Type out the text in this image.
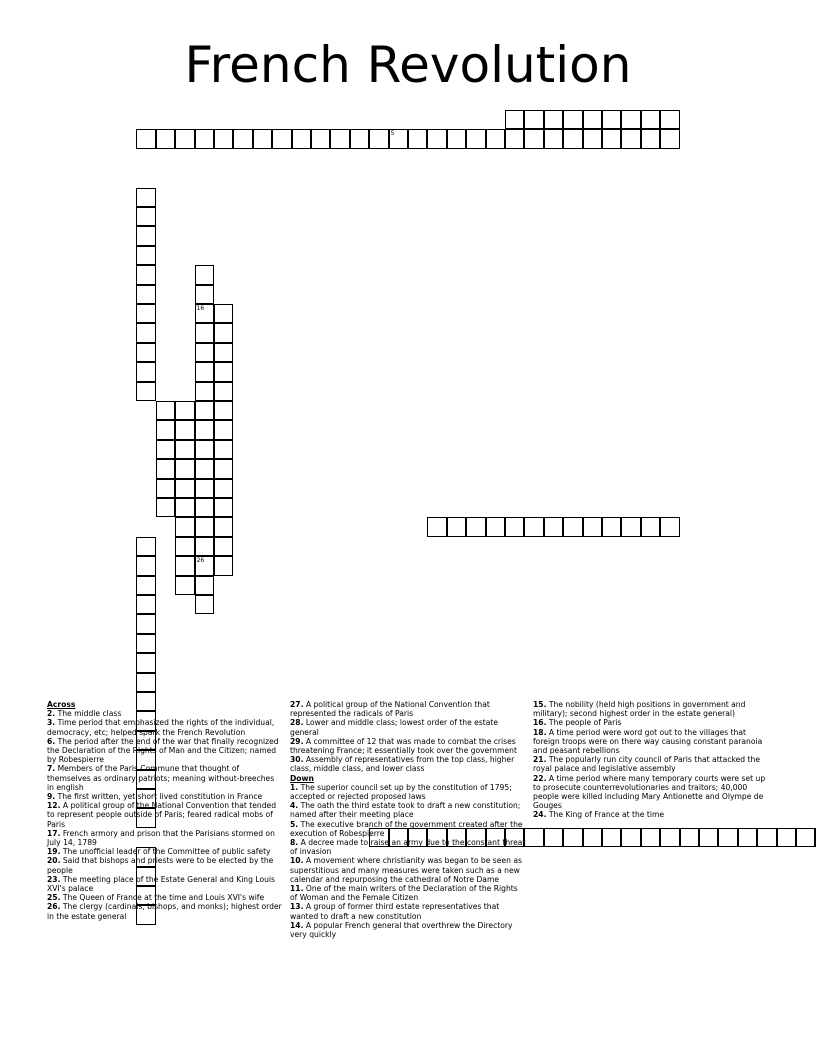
French Revolution
5
16
26
Across

2. The middle class

3. Time period that emphasized the rights of the individual, democracy, etc; helped spark the French Revolution

6. The period after the end of the war that finally recognized the Declaration of the Rights of Man and the Citizen; named by Robespierre

7. Members of the Paris Commune that thought of themselves as ordinary patriots; meaning without-breeches in english

9. The first written, yet short lived constitution in France

12. A political group of the National Convention that tended to represent people outside of Paris; feared radical mobs of Paris

17. French armory and prison that the Parisians stormed on July 14, 1789

19. The unofficial leader of the Committee of public safety

20. Said that bishops and priests were to be elected by the people

23. The meeting place of the Estate General and King Louis XVI's palace

25. The Queen of France at the time and Louis XVI's wife

26. The clergy (cardinals, bishops, and monks); highest order in the estate general

27. A political group of the National Convention that represented the radicals of Paris

28. Lower and middle class; lowest order of the estate general

29. A committee of 12 that was made to combat the crises threatening France; it essentially took over the government

30. Assembly of representatives from the top class, higher class, middle class, and lower class

Down

1. The superior council set up by the constitution of 1795; accepted or rejected proposed laws

4. The oath the third estate took to draft a new constitution; named after their meeting place

5. The executive branch of the government created after the execution of Robespierre

8. A decree made to raise an army due to the constant threat of invasion

10. A movement where christianity was began to be seen as superstitious and many measures were taken such as a new calendar and repurposing the cathedral of Notre Dame

11. One of the main writers of the Declaration of the Rights of Woman and the Female Citizen

13. A group of former third estate representatives that wanted to draft a new constitution

14. A popular French general that overthrew the Directory very quickly

15. The nobility (held high positions in government and military); second highest order in the estate general)

16. The people of Paris

18. A time period were word got out to the villages that foreign troops were on there way causing constant paranoia and peasant rebellions

21. The popularly run city council of Paris that attacked the royal palace and legislative assembly

22. A time period where many temporary courts were set up to prosecute counterrevolutionaries and traitors; 40,000 people were killed including Mary Antionette and Olympe de Gouges

24. The King of France at the time
